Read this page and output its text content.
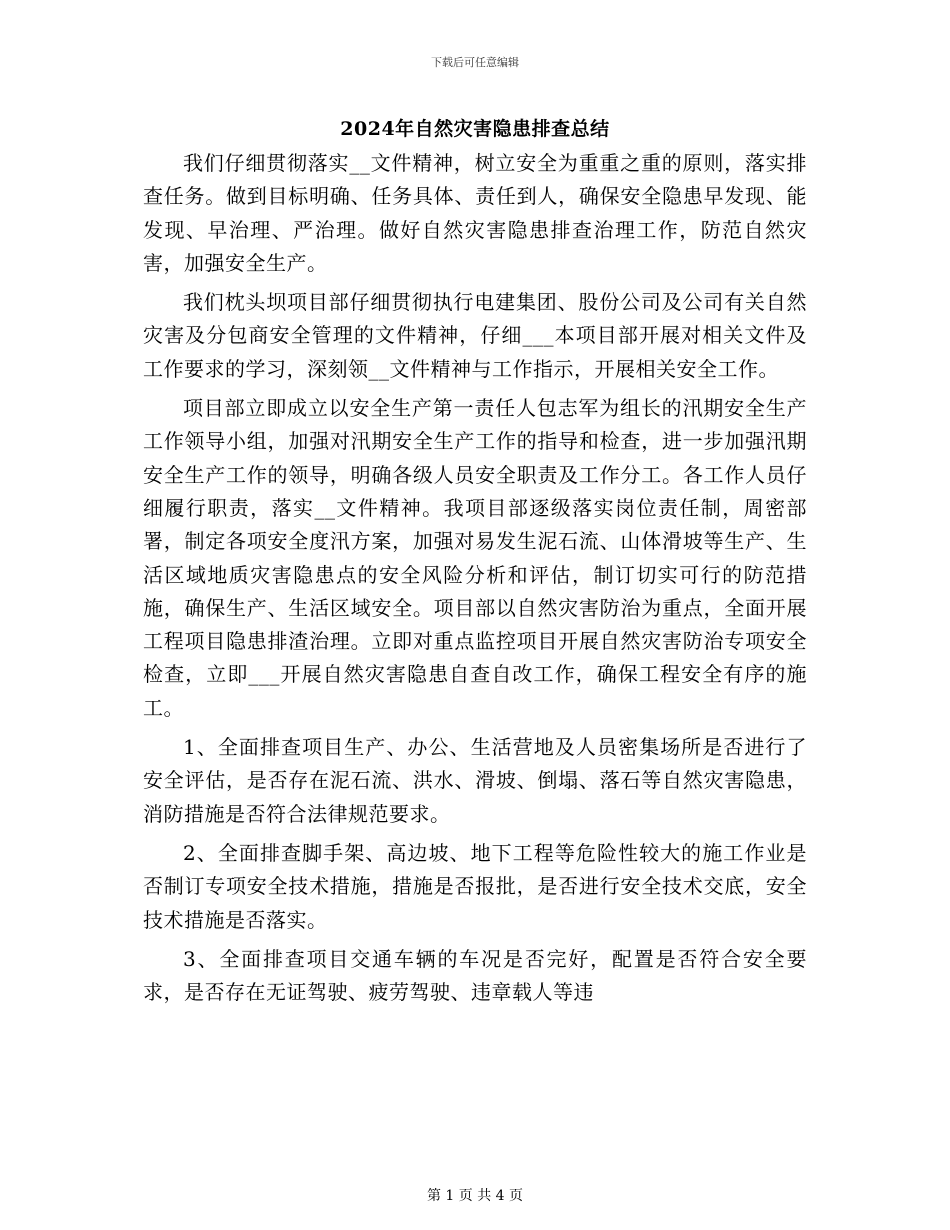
下载后可任意编辑
2024年自然灾害隐患排查总结

我们仔细贯彻落实__文件精神，树立安全为重重之重的原则，落实排查任务。做到目标明确、任务具体、责任到人，确保安全隐患早发现、能发现、早治理、严治理。做好自然灾害隐患排查治理工作，防范自然灾害，加强安全生产。

我们枕头坝项目部仔细贯彻执行电建集团、股份公司及公司有关自然灾害及分包商安全管理的文件精神，仔细___本项目部开展对相关文件及工作要求的学习，深刻领__文件精神与工作指示，开展相关安全工作。

项目部立即成立以安全生产第一责任人包志军为组长的汛期安全生产工作领导小组，加强对汛期安全生产工作的指导和检查，进一步加强汛期安全生产工作的领导，明确各级人员安全职责及工作分工。各工作人员仔细履行职责，落实__文件精神。我项目部逐级落实岗位责任制，周密部署，制定各项安全度汛方案，加强对易发生泥石流、山体滑坡等生产、生活区域地质灾害隐患点的安全风险分析和评估，制订切实可行的防范措施，确保生产、生活区域安全。项目部以自然灾害防治为重点，全面开展工程项目隐患排渣治理。立即对重点监控项目开展自然灾害防治专项安全检查，立即___开展自然灾害隐患自查自改工作，确保工程安全有序的施工。

1、全面排查项目生产、办公、生活营地及人员密集场所是否进行了安全评估，是否存在泥石流、洪水、滑坡、倒塌、落石等自然灾害隐患，消防措施是否符合法律规范要求。

2、全面排查脚手架、高边坡、地下工程等危险性较大的施工作业是否制订专项安全技术措施，措施是否报批，是否进行安全技术交底，安全技术措施是否落实。

3、全面排查项目交通车辆的车况是否完好，配置是否符合安全要求，是否存在无证驾驶、疲劳驾驶、违章载人等违

第 1 页 共 4 页
